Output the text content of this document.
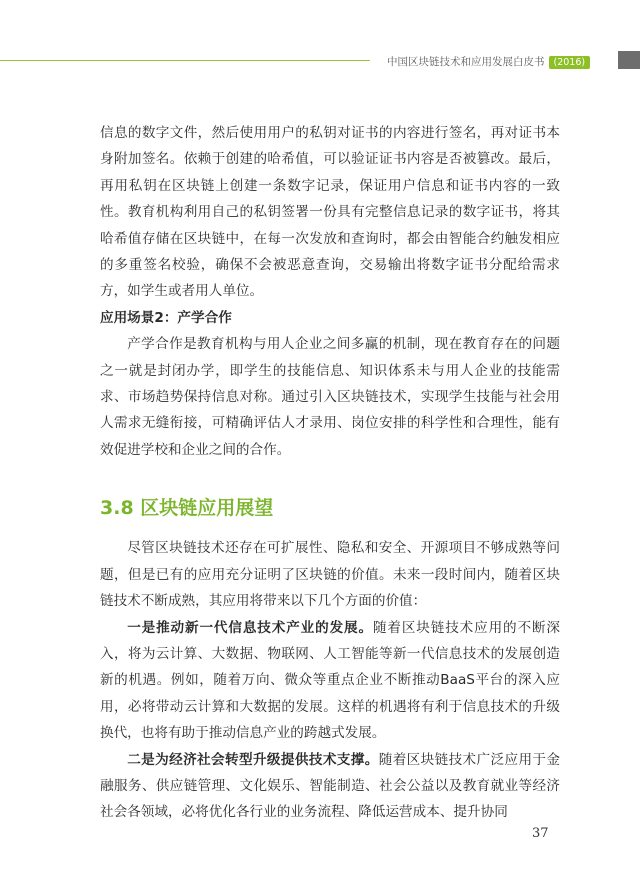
中国区块链技术和应用发展白皮书 (2016)

信息的数字文件，然后使用用户的私钥对证书的内容进行签名，再对证书本身附加签名。依赖于创建的哈希值，可以验证证书内容是否被篡改。最后，再用私钥在区块链上创建一条数字记录，保证用户信息和证书内容的一致性。教育机构利用自己的私钥签署一份具有完整信息记录的数字证书，将其哈希值存储在区块链中，在每一次发放和查询时，都会由智能合约触发相应的多重签名校验，确保不会被恶意查询，交易输出将数字证书分配给需求方，如学生或者用人单位。

应用场景2：产学合作

产学合作是教育机构与用人企业之间多赢的机制，现在教育存在的问题之一就是封闭办学，即学生的技能信息、知识体系未与用人企业的技能需求、市场趋势保持信息对称。通过引入区块链技术，实现学生技能与社会用人需求无缝衔接，可精确评估人才录用、岗位安排的科学性和合理性，能有效促进学校和企业之间的合作。

3.8 区块链应用展望

尽管区块链技术还存在可扩展性、隐私和安全、开源项目不够成熟等问题，但是已有的应用充分证明了区块链的价值。未来一段时间内，随着区块链技术不断成熟，其应用将带来以下几个方面的价值：

一是推动新一代信息技术产业的发展。随着区块链技术应用的不断深入，将为云计算、大数据、物联网、人工智能等新一代信息技术的发展创造新的机遇。例如，随着万向、微众等重点企业不断推动BaaS平台的深入应用，必将带动云计算和大数据的发展。这样的机遇将有利于信息技术的升级换代，也将有助于推动信息产业的跨越式发展。

二是为经济社会转型升级提供技术支撑。随着区块链技术广泛应用于金融服务、供应链管理、文化娱乐、智能制造、社会公益以及教育就业等经济社会各领域，必将优化各行业的业务流程、降低运营成本、提升协同

37
